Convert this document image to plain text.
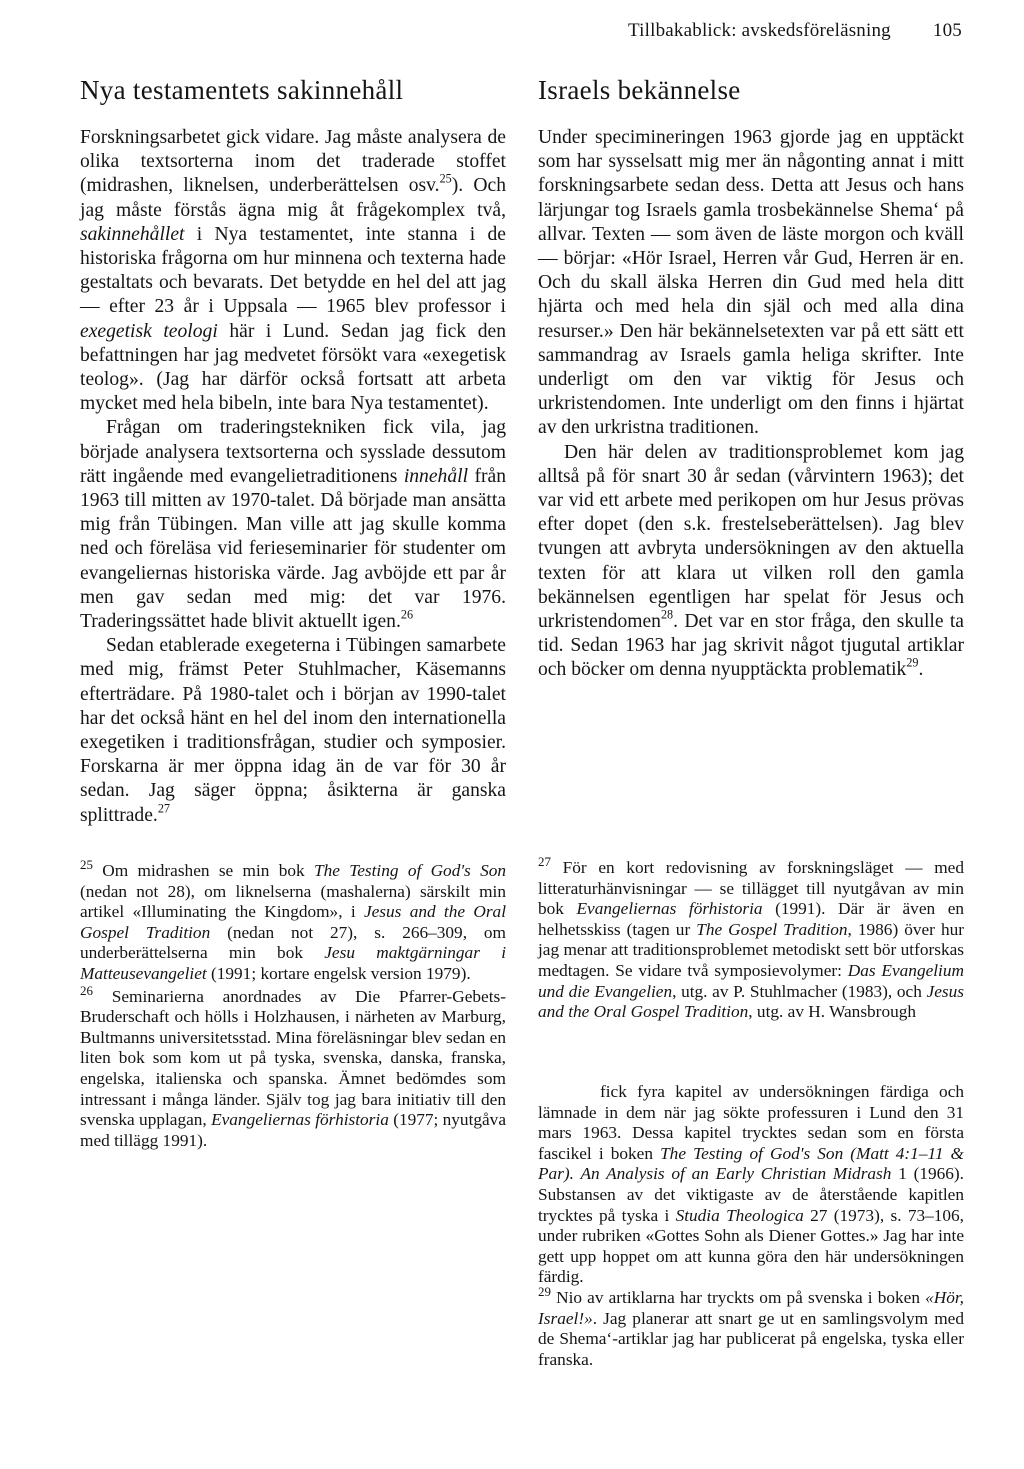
Tillbakablick: avskedsföreläsning 105
Nya testamentets sakinnehåll

Forskningsarbetet gick vidare. Jag måste analysera de olika textsorterna inom det traderade stoffet (midrashen, liknelsen, underberättelsen osv.$^{25}$). Och jag måste förstås ägna mig åt frågekomplex två, sakinnehållet i Nya testamentet, inte stanna i de historiska frågorna om hur minnena och texterna hade gestaltats och bevarats. Det betydde en hel del att jag — efter 23 år i Uppsala — 1965 blev professor i exegetisk teologi här i Lund. Sedan jag fick den befattningen har jag medvetet försökt vara «exegetisk teolog». (Jag har därför också fortsatt att arbeta mycket med hela bibeln, inte bara Nya testamentet).

Frågan om traderingstekniken fick vila, jag började analysera textsorterna och sysslade dessutom rätt ingående med evangelietraditionens innehåll från 1963 till mitten av 1970-talet. Då började man ansätta mig från Tübingen. Man ville att jag skulle komma ned och föreläsa vid ferieseminarier för studenter om evangeliernas historiska värde. Jag avböjde ett par år men gav sedan med mig: det var 1976. Traderingssättet hade blivit aktuellt igen.$^{26}$

Sedan etablerade exegeterna i Tübingen samarbete med mig, främst Peter Stuhlmacher, Käsemanns efterträdare. På 1980-talet och i början av 1990-talet har det också hänt en hel del inom den internationella exegetiken i traditionsfrågan, studier och symposier. Forskarna är mer öppna idag än de var för 30 år sedan. Jag säger öppna; åsikterna är ganska splittrade.$^{27}$

$^{25}$ Om midrashen se min bok The Testing of God's Son (nedan not 28), om liknelserna (mashalerna) särskilt min artikel «Illuminating the Kingdom», i Jesus and the Oral Gospel Tradition (nedan not 27), s. 266–309, om underberättelserna min bok Jesu maktgärningar i Matteusevangeliet (1991; kortare engelsk version 1979).

$^{26}$ Seminarierna anordnades av Die Pfarrer-Gebets-Bruderschaft och hölls i Holzhausen, i närheten av Marburg, Bultmanns universitetsstad. Mina föreläsningar blev sedan en liten bok som kom ut på tyska, svenska, danska, franska, engelska, italienska och spanska. Ämnet bedömdes som intressant i många länder. Själv tog jag bara initiativ till den svenska upplagan, Evangeliernas förhistoria (1977; nyutgåva med tillägg 1991).

Israels bekännelse

Under specimineringen 1963 gjorde jag en upptäckt som har sysselsatt mig mer än någonting annat i mitt forskningsarbete sedan dess. Detta att Jesus och hans lärjungar tog Israels gamla trosbekännelse Shema‘ på allvar. Texten — som även de läste morgon och kväll — börjar: «Hör Israel, Herren vår Gud, Herren är en. Och du skall älska Herren din Gud med hela ditt hjärta och med hela din själ och med alla dina resurser.» Den här bekännelsetexten var på ett sätt ett sammandrag av Israels gamla heliga skrifter. Inte underligt om den var viktig för Jesus och urkristendomen. Inte underligt om den finns i hjärtat av den urkristna traditionen.

Den här delen av traditionsproblemet kom jag alltså på för snart 30 år sedan (vårvintern 1963); det var vid ett arbete med perikopen om hur Jesus prövas efter dopet (den s.k. frestelseberättelsen). Jag blev tvungen att avbryta undersökningen av den aktuella texten för att klara ut vilken roll den gamla bekännelsen egentligen har spelat för Jesus och urkristendomen$^{28}$. Det var en stor fråga, den skulle ta tid. Sedan 1963 har jag skrivit något tjugutal artiklar och böcker om denna nyupptäckta problematik$^{29}$.

$^{27}$ För en kort redovisning av forskningsläget — med litteraturhänvisningar — se tillägget till nyutgåvan av min bok Evangeliernas förhistoria (1991). Där är även en helhetsskiss (tagen ur The Gospel Tradition, 1986) över hur jag menar att traditionsproblemet metodiskt sett bör utforskas medtagen. Se vidare två symposievolymer: Das Evangelium und die Evangelien, utg. av P. Stuhlmacher (1983), och Jesus and the Oral Gospel Tradition, utg. av H. Wansbrough

fick fyra kapitel av undersökningen färdiga och lämnade in dem när jag sökte professuren i Lund den 31 mars 1963. Dessa kapitel trycktes sedan som en första fascikel i boken The Testing of God's Son (Matt 4:1–11 & Par). An Analysis of an Early Christian Midrash 1 (1966). Substansen av det viktigaste av de återstående kapitlen trycktes på tyska i Studia Theologica 27 (1973), s. 73–106, under rubriken «Gottes Sohn als Diener Gottes.» Jag har inte gett upp hoppet om att kunna göra den här undersökningen färdig.

$^{29}$ Nio av artiklarna har tryckts om på svenska i boken «Hör, Israel!». Jag planerar att snart ge ut en samlingsvolym med de Shema‘-artiklar jag har publicerat på engelska, tyska eller franska.
